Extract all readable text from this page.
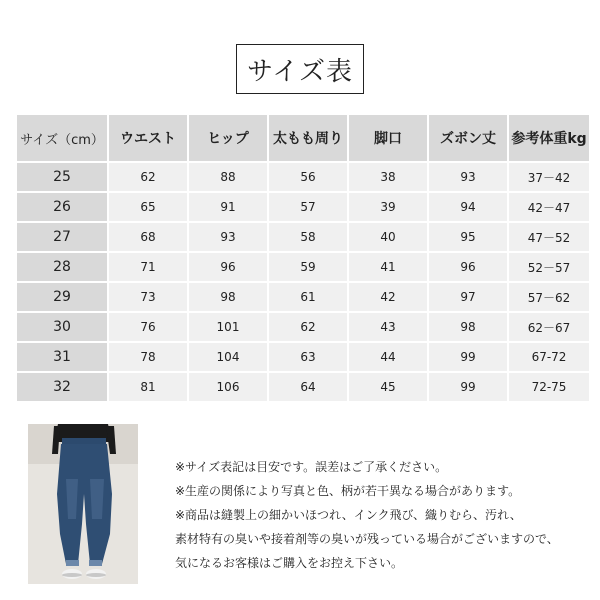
サイズ表
サイズ（cm）	ウエスト	ヒップ	太もも周り	脚口	ズボン丈	参考体重kg
25	62	88	56	38	93	37－42
26	65	91	57	39	94	42－47
27	68	93	58	40	95	47－52
28	71	96	59	41	96	52－57
29	73	98	61	42	97	57－62
30	76	101	62	43	98	62－67
31	78	104	63	44	99	67-72
32	81	106	64	45	99	72-75
※サイズ表記は目安です。誤差はご了承ください。
※生産の関係により写真と色、柄が若干異なる場合があります。
※商品は縫製上の細かいほつれ、インク飛び、織りむら、汚れ、
素材特有の臭いや接着剤等の臭いが残っている場合がございますので、
気になるお客様はご購入をお控え下さい。
